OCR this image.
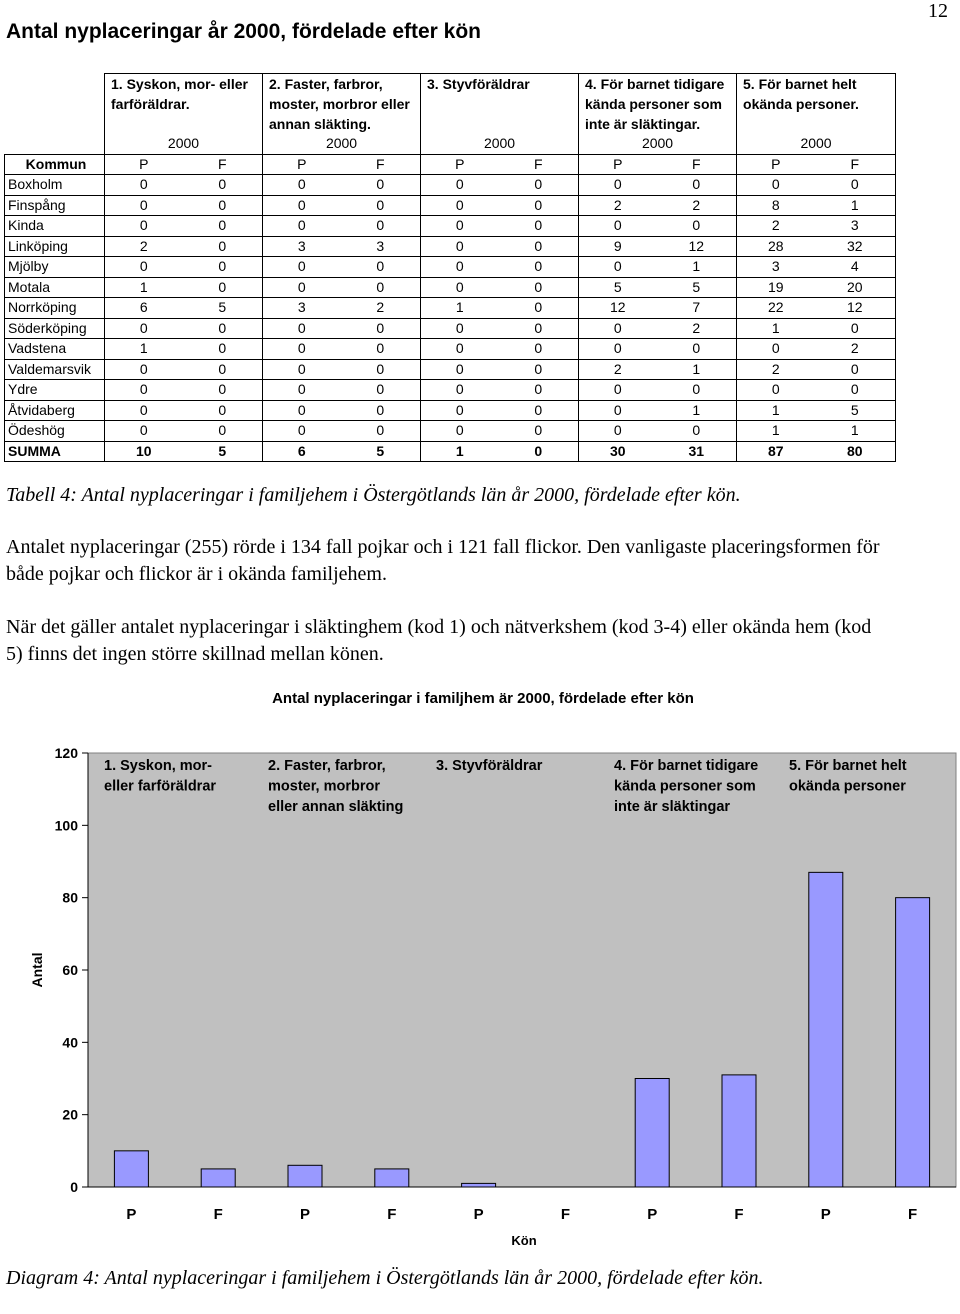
12
Antal nyplaceringar år 2000, fördelade efter kön
	1. Syskon, mor- eller farföräldrar.		2. Faster, farbror, moster, morbror eller annan släkting.		3. Styvföräldrar		4. För barnet tidigare kända personer som inte är släktingar.		5. För barnet helt okända personer.	
	2000		2000		2000		2000		2000	
Kommun	P	F	P	F	P	F	P	F	P	F
Boxholm	0	0	0	0	0	0	0	0	0	0
Finspång	0	0	0	0	0	0	2	2	8	1
Kinda	0	0	0	0	0	0	0	0	2	3
Linköping	2	0	3	3	0	0	9	12	28	32
Mjölby	0	0	0	0	0	0	0	1	3	4
Motala	1	0	0	0	0	0	5	5	19	20
Norrköping	6	5	3	2	1	0	12	7	22	12
Söderköping	0	0	0	0	0	0	0	2	1	0
Vadstena	1	0	0	0	0	0	0	0	0	2
Valdemarsvik	0	0	0	0	0	0	2	1	2	0
Ydre	0	0	0	0	0	0	0	0	0	0
Åtvidaberg	0	0	0	0	0	0	0	1	1	5
Ödeshög	0	0	0	0	0	0	0	0	1	1
SUMMA	10	5	6	5	1	0	30	31	87	80
Tabell 4: Antal nyplaceringar i familjehem i Östergötlands län år 2000, fördelade efter kön.
Antalet nyplaceringar (255) rörde i 134 fall pojkar och i 121 fall flickor. Den vanligaste placeringsformen för både pojkar och flickor är i okända familjehem.
När det gäller antalet nyplaceringar i släktinghem (kod 1) och nätverkshem (kod 3-4) eller okända hem (kod 5) finns det ingen större skillnad mellan könen.
Antal nyplaceringar i familjhem är 2000, fördelade efter kön
0
20
40
60
80
100
120
Antal
P	F	P	F	P	F	P	F	P	F
Kön
1. Syskon, mor-
eller farföräldrar
2. Faster, farbror,
moster, morbror
eller annan släkting
3. Styvföräldrar	4. För barnet tidigare
kända personer som
inte är släktingar
5. För barnet helt
okända personer
Diagram 4: Antal nyplaceringar i familjehem i Östergötlands län år 2000, fördelade efter kön.
